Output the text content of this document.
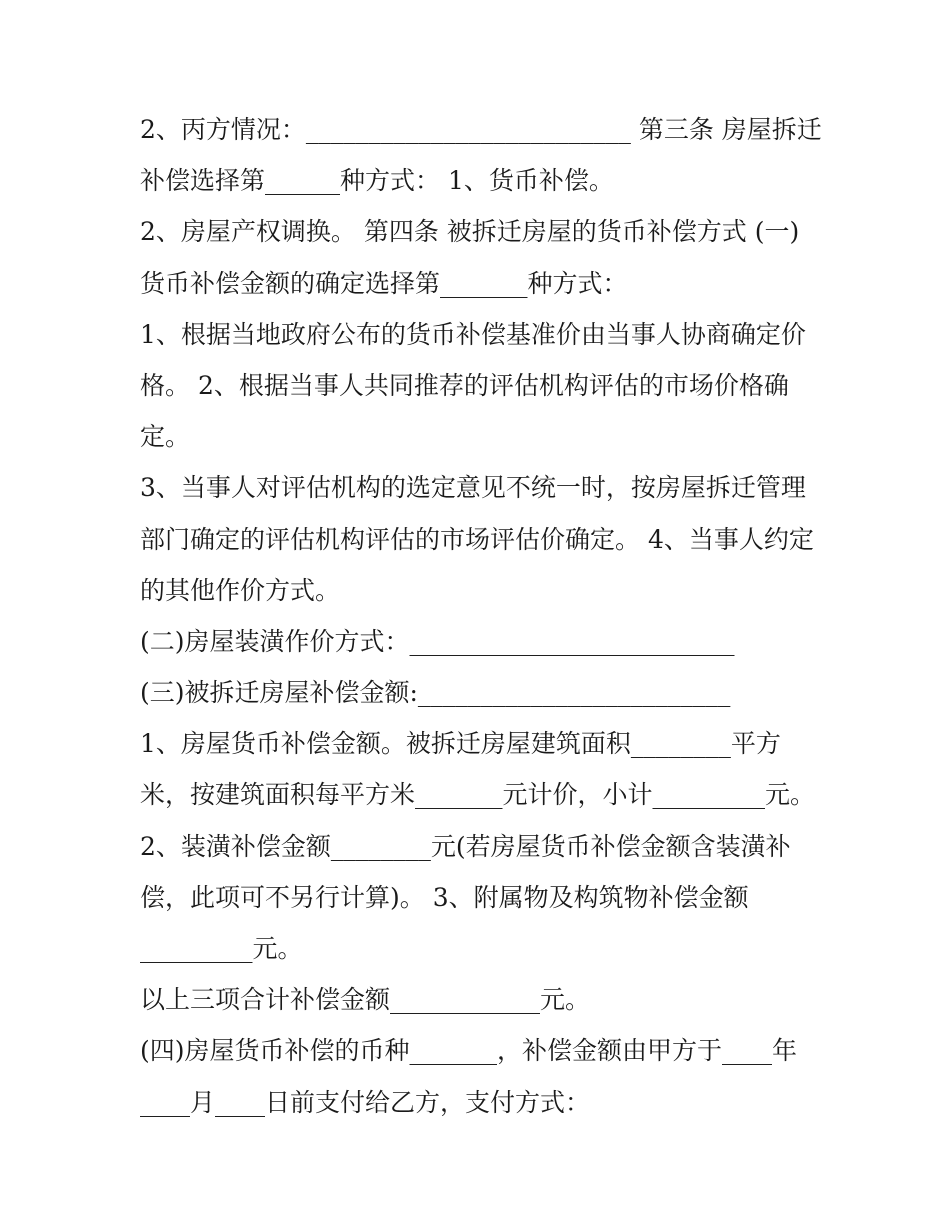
2、丙方情况：__________________________ 第三条 房屋拆迁

补偿选择第______种方式： 1、货币补偿。

2、房屋产权调换。 第四条 被拆迁房屋的货币补偿方式 (一)

货币补偿金额的确定选择第_______种方式：

1、根据当地政府公布的货币补偿基准价由当事人协商确定价

格。 2、根据当事人共同推荐的评估机构评估的市场价格确

定。

3、当事人对评估机构的选定意见不统一时，按房屋拆迁管理

部门确定的评估机构评估的市场评估价确定。 4、当事人约定

的其他作价方式。

(二)房屋装潢作价方式：__________________________

(三)被拆迁房屋补偿金额:_________________________

1、房屋货币补偿金额。被拆迁房屋建筑面积________平方

米，按建筑面积每平方米_______元计价，小计_________元。

2、装潢补偿金额________元(若房屋货币补偿金额含装潢补

偿，此项可不另行计算)。 3、附属物及构筑物补偿金额

_________元。

以上三项合计补偿金额____________元。

(四)房屋货币补偿的币种_______，补偿金额由甲方于____年

____月____日前支付给乙方，支付方式：
